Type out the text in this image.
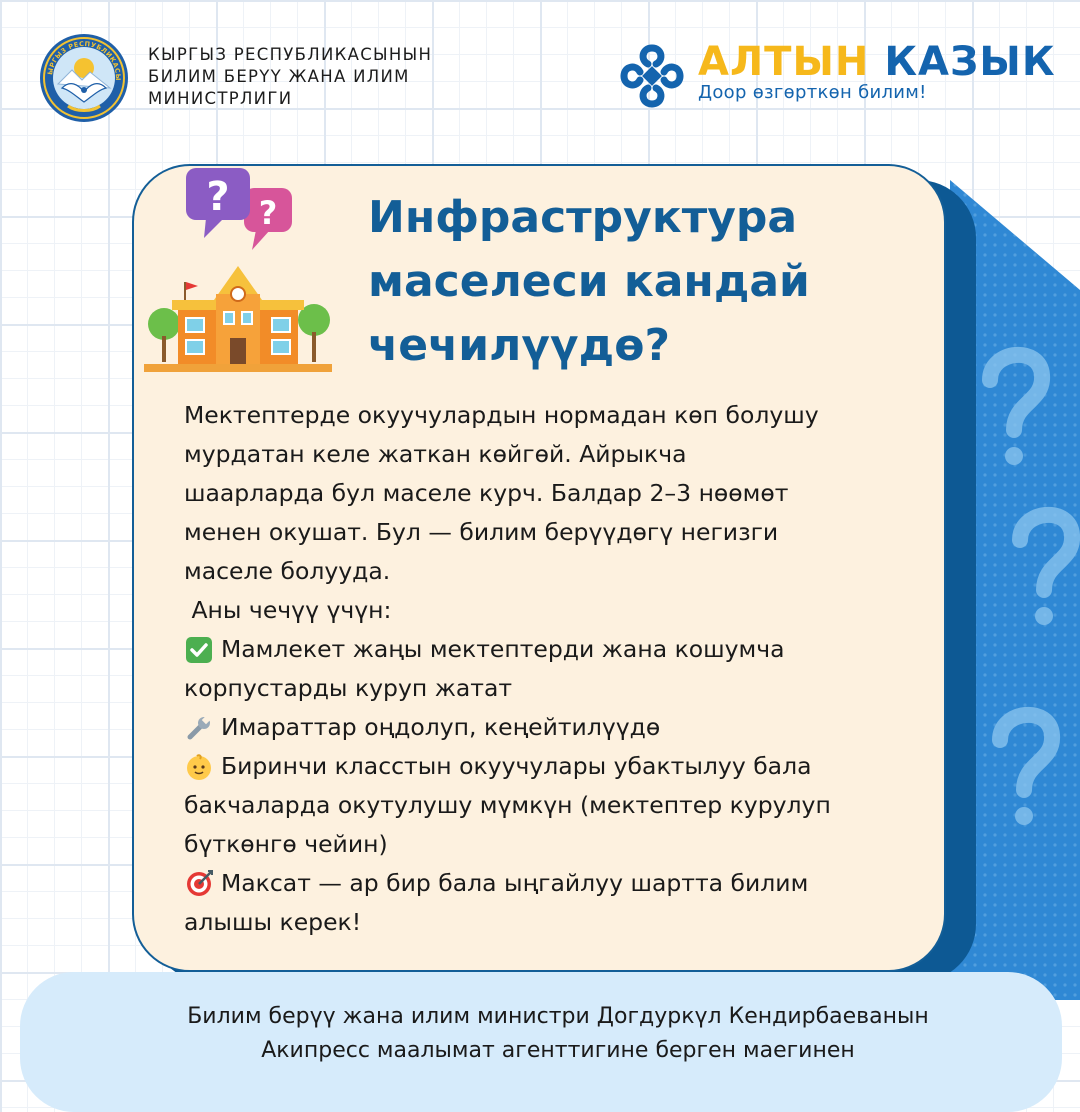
ЫРГЫЗ РЕСПУБЛИКАСЫ
КЫРГЫЗ РЕСПУБЛИКАСЫНЫН
БИЛИМ БЕРҮҮ ЖАНА ИЛИМ
МИНИСТРЛИГИ
АЛТЫН КАЗЫК
Доор өзгөрткөн билим!
?
?	Инфраструктура
маселеси кандай
чечилүүдө?
Мектептерде окуучулардын нормадан көп болушу
мурдатан келе жаткан көйгөй. Айрыкча
шаарларда бул маселе курч. Балдар 2–3 нөөмөт
менен окушат. Бул — билим берүүдөгү негизги
маселе болууда.
Аны чечүү үчүн:
Мамлекет жаңы мектептерди жана кошумча
корпустарды куруп жатат
Имараттар оңдолуп, кеңейтилүүдө
Биринчи класстын окуучулары убактылуу бала
бакчаларда окутулушу мүмкүн (мектептер курулуп
бүткөнгө чейин)
Максат — ар бир бала ыңгайлуу шартта билим
алышы керек!
Билим берүү жана илим министри Догдуркүл Кендирбаеванын
Акипресс маалымат агенттигине берген маегинен
